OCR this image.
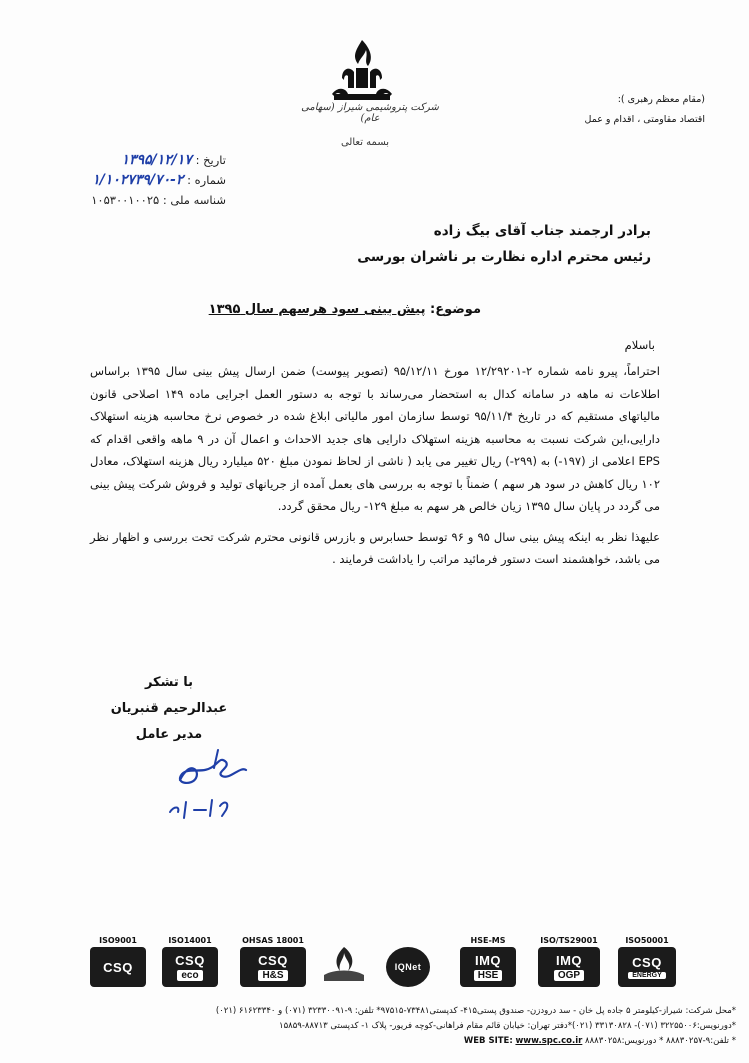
شرکت پتروشیمی شیراز (سهامی عام)
بسمه تعالی
(مقام معظم رهبری ):
اقتصاد مقاومتی ، اقدام و عمل
تاریخ : ۱۳۹۵/۱۲/۱۷
شماره : ۲-۱/۱۰۲۷۳۹/۷۰
شناسه ملی : ۱۰۵۳۰۰۱۰۰۲۵
برادر ارجمند جناب آقای بیگ زاده
رئیس محترم اداره نظارت بر ناشران بورسی
موضوع: پیش بینی سود هرسهم سال ۱۳۹۵
باسلام

احتراماً، پیرو نامه شماره ۲-۱۲/۲۹۲۰۱ مورخ ۹۵/۱۲/۱۱ (تصویر پیوست) ضمن ارسال پیش بینی سال ۱۳۹۵ براساس اطلاعات نه ماهه در سامانه کدال به استحضار می‌رساند با توجه به دستور العمل اجرایی ماده ۱۴۹ اصلاحی قانون مالیاتهای مستقیم که در تاریخ ۹۵/۱۱/۴ توسط سازمان امور مالیاتی ابلاغ شده در خصوص نرخ محاسبه هزینه استهلاک دارایی،این شرکت نسبت به محاسبه هزینه استهلاک دارایی های جدید الاحداث و اعمال آن در ۹ ماهه واقعی اقدام که EPS اعلامی از (۱۹۷-) به (۲۹۹-) ریال تغییر می یابد ( ناشی از لحاظ نمودن مبلغ ۵۲۰ میلیارد ریال هزینه استهلاک، معادل ۱۰۲ ریال کاهش در سود هر سهم ) ضمناً با توجه به بررسی های بعمل آمده از جریانهای تولید و فروش شرکت پیش بینی می گردد در پایان سال ۱۳۹۵ زیان خالص هر سهم به مبلغ ۱۲۹- ریال محقق گردد.

علیهذا نظر به اینکه پیش بینی سال ۹۵ و ۹۶ توسط حسابرس و بازرس قانونی محترم شرکت تحت بررسی و اظهار نظر می باشد، خواهشمند است دستور فرمائید مراتب را یاداشت فرمایند .

با تشکر
عبدالرحیم قنبریان
مدیر عامل
ISO9001
CSQ
ISO14001
CSQ
eco
OHSAS 18001
CSQ
H&S

IQNet
HSE-MS
IMQ
HSE
ISO/TS29001
IMQ
OGP
ISO50001
CSQ
ENERGY
*محل شرکت: شیراز-کیلومتر ۵ جاده پل خان - سد درودزن- صندوق پستی۴۱۵- کدپستی۷۳۴۸۱-۹۷۵۱۵* تلفن: ۹-۳۲۳۳۰۰۹۱ (۰۷۱) و ۶۱۶۲۳۳۴۰ (۰۲۱)
*دورنویس:۳۲۲۵۵۰۰۶ (۰۷۱)- ۳۳۱۳۰۸۲۸ (۰۲۱)*دفتر تهران: خیابان قائم مقام فراهانی-کوچه فریور- پلاک ۱- کدپستی ۸۸۷۱۳-۱۵۸۵۹
* تلفن:۹-۸۸۸۳۰۲۵۷ * دورنویس:۸۸۸۳۰۲۵۸ WEB SITE: www.spc.co.ir
